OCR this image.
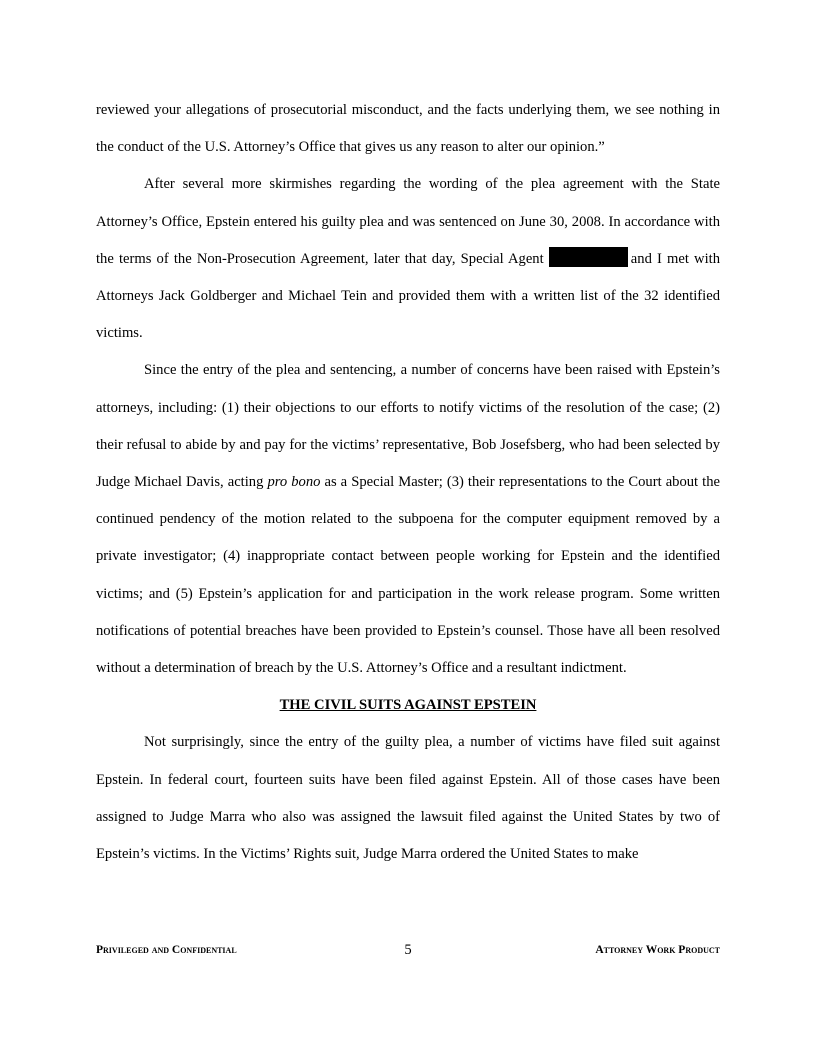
reviewed your allegations of prosecutorial misconduct, and the facts underlying them, we see nothing in the conduct of the U.S. Attorney’s Office that gives us any reason to alter our opinion.”

After several more skirmishes regarding the wording of the plea agreement with the State Attorney’s Office, Epstein entered his guilty plea and was sentenced on June 30, 2008. In accordance with the terms of the Non-Prosecution Agreement, later that day, Special Agent	and I met with Attorneys Jack Goldberger and Michael Tein and provided them with a written list of the 32 identified victims.

Since the entry of the plea and sentencing, a number of concerns have been raised with Epstein’s attorneys, including: (1) their objections to our efforts to notify victims of the resolution of the case; (2) their refusal to abide by and pay for the victims’ representative, Bob Josefsberg, who had been selected by Judge Michael Davis, acting pro bono as a Special Master; (3) their representations to the Court about the continued pendency of the motion related to the subpoena for the computer equipment removed by a private investigator; (4) inappropriate contact between people working for Epstein and the identified victims; and (5) Epstein’s application for and participation in the work release program. Some written notifications of potential breaches have been provided to Epstein’s counsel. Those have all been resolved without a determination of breach by the U.S. Attorney’s Office and a resultant indictment.

THE CIVIL SUITS AGAINST EPSTEIN

Not surprisingly, since the entry of the guilty plea, a number of victims have filed suit against Epstein. In federal court, fourteen suits have been filed against Epstein. All of those cases have been assigned to Judge Marra who also was assigned the lawsuit filed against the United States by two of Epstein’s victims. In the Victims’ Rights suit, Judge Marra ordered the United States to make

Privileged and Confidential	5	Attorney Work Product
